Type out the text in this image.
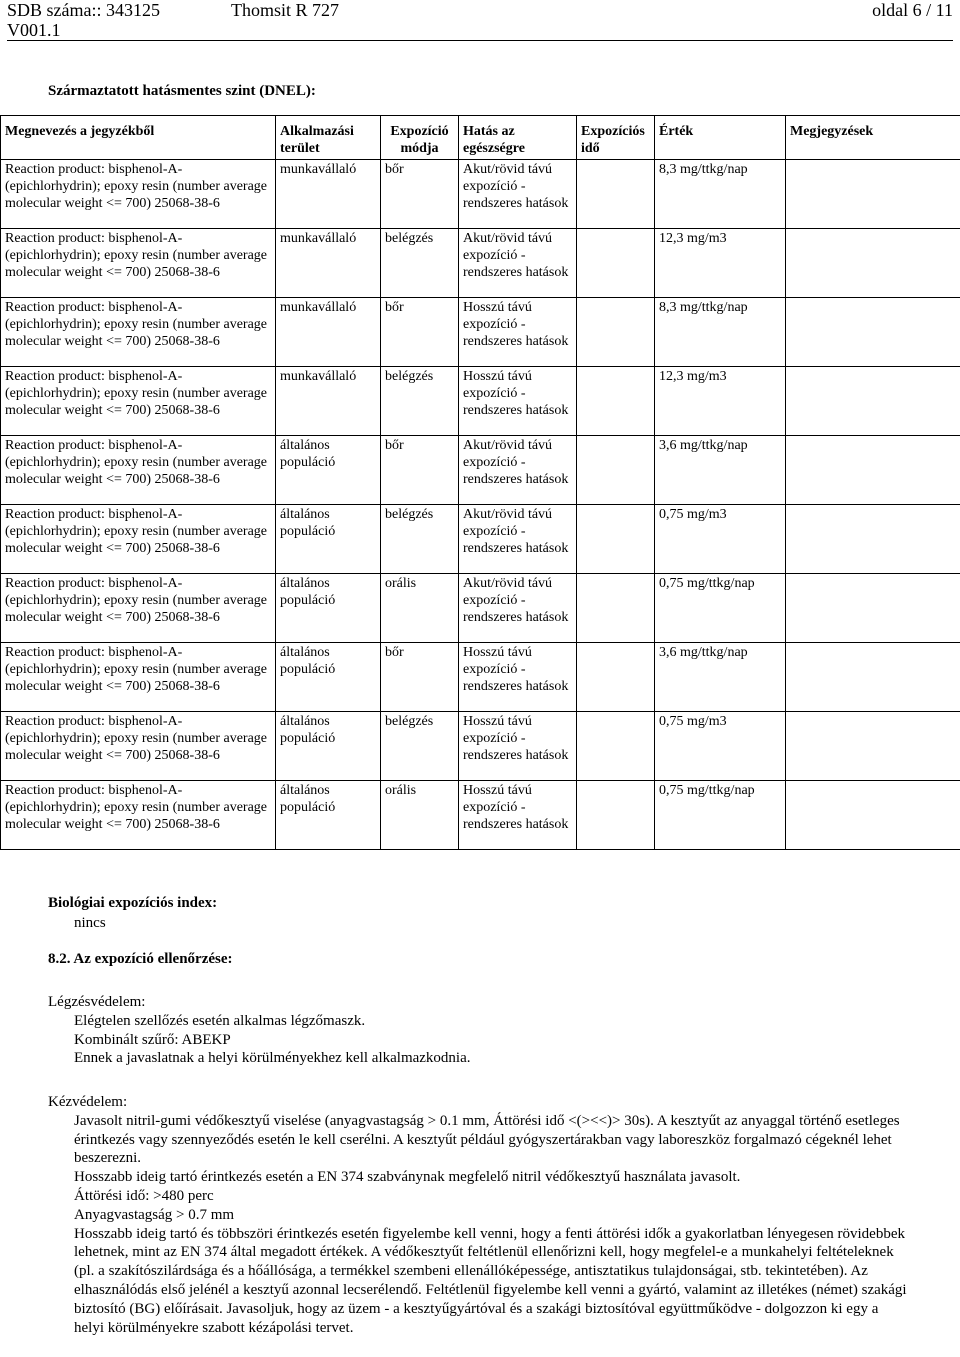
SDB száma:: 343125	Thomsit R 727	oldal 6 / 11
V001.1
Származtatott hatásmentes szint (DNEL):
Megnevezés a jegyzékből	Alkalmazási terület	Expozíció módja	Hatás az egészségre	Expozíciós idő	Érték	Megjegyzések
Reaction product: bisphenol-A-(epichlorhydrin); epoxy resin (number average molecular weight <= 700) 25068-38-6	munkavállaló	bőr	Akut/rövid távú expozíció - rendszeres hatások		8,3 mg/ttkg/nap	
Reaction product: bisphenol-A-(epichlorhydrin); epoxy resin (number average molecular weight <= 700) 25068-38-6	munkavállaló	belégzés	Akut/rövid távú expozíció - rendszeres hatások		12,3 mg/m3	
Reaction product: bisphenol-A-(epichlorhydrin); epoxy resin (number average molecular weight <= 700) 25068-38-6	munkavállaló	bőr	Hosszú távú expozíció - rendszeres hatások		8,3 mg/ttkg/nap	
Reaction product: bisphenol-A-(epichlorhydrin); epoxy resin (number average molecular weight <= 700) 25068-38-6	munkavállaló	belégzés	Hosszú távú expozíció - rendszeres hatások		12,3 mg/m3	
Reaction product: bisphenol-A-(epichlorhydrin); epoxy resin (number average molecular weight <= 700) 25068-38-6	általános populáció	bőr	Akut/rövid távú expozíció - rendszeres hatások		3,6 mg/ttkg/nap	
Reaction product: bisphenol-A-(epichlorhydrin); epoxy resin (number average molecular weight <= 700) 25068-38-6	általános populáció	belégzés	Akut/rövid távú expozíció - rendszeres hatások		0,75 mg/m3	
Reaction product: bisphenol-A-(epichlorhydrin); epoxy resin (number average molecular weight <= 700) 25068-38-6	általános populáció	orális	Akut/rövid távú expozíció - rendszeres hatások		0,75 mg/ttkg/nap	
Reaction product: bisphenol-A-(epichlorhydrin); epoxy resin (number average molecular weight <= 700) 25068-38-6	általános populáció	bőr	Hosszú távú expozíció - rendszeres hatások		3,6 mg/ttkg/nap	
Reaction product: bisphenol-A-(epichlorhydrin); epoxy resin (number average molecular weight <= 700) 25068-38-6	általános populáció	belégzés	Hosszú távú expozíció - rendszeres hatások		0,75 mg/m3	
Reaction product: bisphenol-A-(epichlorhydrin); epoxy resin (number average molecular weight <= 700) 25068-38-6	általános populáció	orális	Hosszú távú expozíció - rendszeres hatások		0,75 mg/ttkg/nap	
Biológiai expozíciós index:
nincs
8.2. Az expozíció ellenőrzése:
Légzésvédelem:
Elégtelen szellőzés esetén alkalmas légzőmaszk.
Kombinált szűrő: ABEKP
Ennek a javaslatnak a helyi körülményekhez kell alkalmazkodnia.
Kézvédelem:
Javasolt nitril-gumi védőkesztyű viselése (anyagvastagság > 0.1 mm, Áttörési idő <(><<)> 30s). A kesztyűt az anyaggal történő esetleges érintkezés vagy szennyeződés esetén le kell cserélni. A kesztyűt például gyógyszertárakban vagy laboreszköz forgalmazó cégeknél lehet beszerezni.
Hosszabb ideig tartó érintkezés esetén a EN 374 szabványnak megfelelő nitril védőkesztyű használata javasolt.
Áttörési idő: >480 perc
Anyagvastagság > 0.7 mm
Hosszabb ideig tartó és többszöri érintkezés esetén figyelembe kell venni, hogy a fenti áttörési idők a gyakorlatban lényegesen rövidebbek lehetnek, mint az EN 374 által megadott értékek. A védőkesztyűt feltétlenül ellenőrizni kell, hogy megfelel-e a munkahelyi feltételeknek (pl. a szakítószilárdsága és a hőállósága, a termékkel szembeni ellenállóképessége, antisztatikus tulajdonságai, stb. tekintetében). Az elhasználódás első jelénél a kesztyű azonnal lecserélendő. Feltétlenül figyelembe kell venni a gyártó, valamint az illetékes (német) szakági biztosító (BG) előírásait. Javasoljuk, hogy az üzem - a kesztyűgyártóval és a szakági biztosítóval együttműködve - dolgozzon ki egy a helyi körülményekre szabott kézápolási tervet.
